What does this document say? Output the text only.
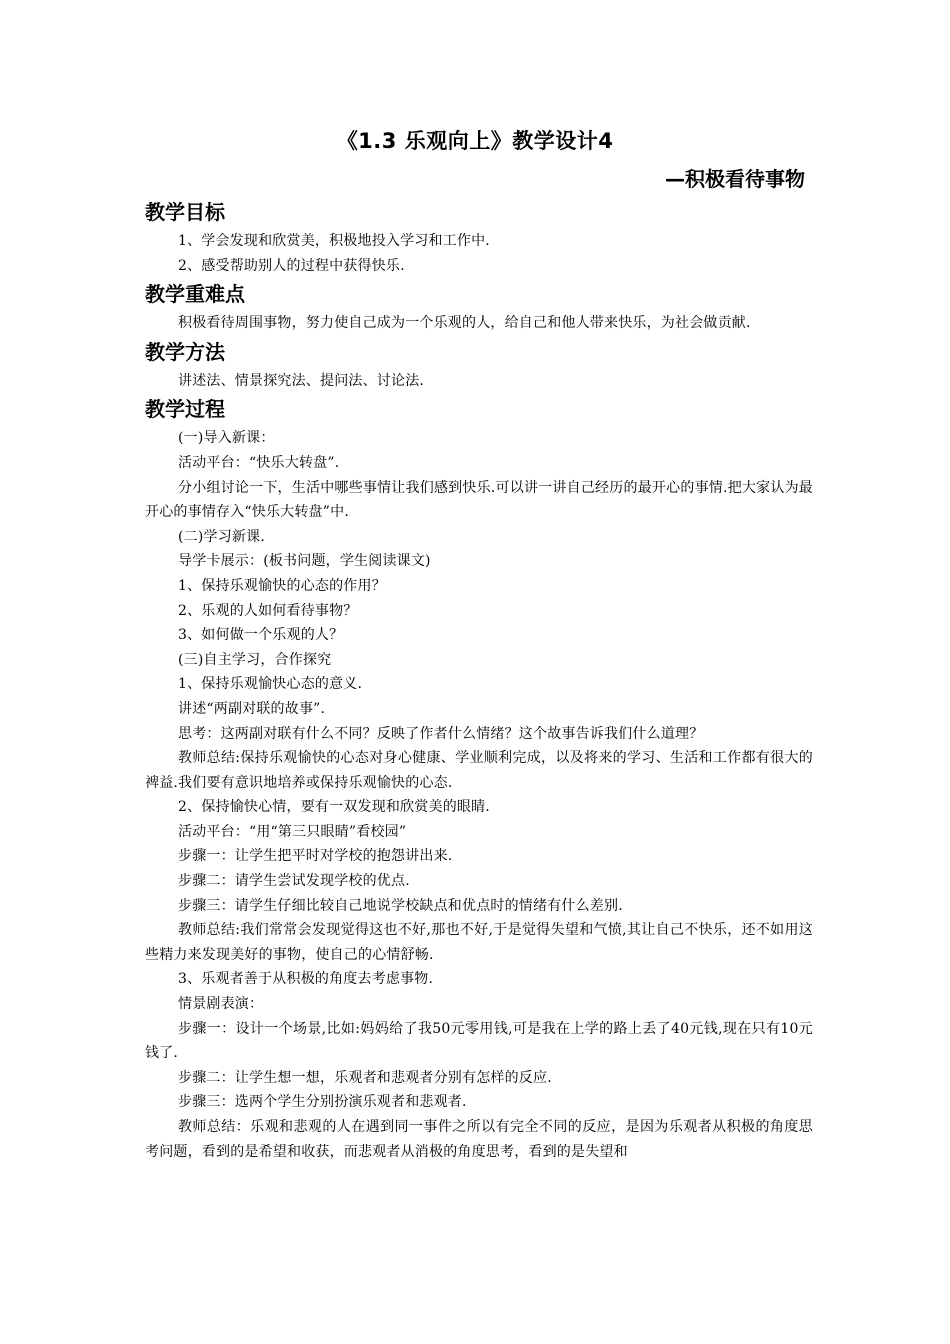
《1.3 乐观向上》教学设计4
—积极看待事物
教学目标

1、学会发现和欣赏美，积极地投入学习和工作中.

2、感受帮助别人的过程中获得快乐.

教学重难点

积极看待周围事物，努力使自己成为一个乐观的人，给自己和他人带来快乐，为社会做贡献.

教学方法

讲述法、情景探究法、提问法、讨论法.

教学过程

(一)导入新课：

活动平台：“快乐大转盘”.

分小组讨论一下，生活中哪些事情让我们感到快乐.可以讲一讲自己经历的最开心的事情.把大家认为最开心的事情存入“快乐大转盘”中.

(二)学习新课.

导学卡展示：(板书问题，学生阅读课文)

1、保持乐观愉快的心态的作用？

2、乐观的人如何看待事物？

3、如何做一个乐观的人？

(三)自主学习，合作探究

1、保持乐观愉快心态的意义.

讲述“两副对联的故事”.

思考：这两副对联有什么不同？反映了作者什么情绪？这个故事告诉我们什么道理？

教师总结:保持乐观愉快的心态对身心健康、学业顺利完成，以及将来的学习、生活和工作都有很大的裨益.我们要有意识地培养或保持乐观愉快的心态.

2、保持愉快心情，要有一双发现和欣赏美的眼睛.

活动平台：“用“第三只眼睛”看校园”

步骤一：让学生把平时对学校的抱怨讲出来.

步骤二：请学生尝试发现学校的优点.

步骤三：请学生仔细比较自己地说学校缺点和优点时的情绪有什么差别.

教师总结:我们常常会发现觉得这也不好,那也不好,于是觉得失望和气愤,其让自己不快乐，还不如用这些精力来发现美好的事物，使自己的心情舒畅.

3、乐观者善于从积极的角度去考虑事物.

情景剧表演：

步骤一：设计一个场景,比如:妈妈给了我50元零用钱,可是我在上学的路上丢了40元钱,现在只有10元钱了.

步骤二：让学生想一想，乐观者和悲观者分别有怎样的反应.

步骤三：选两个学生分别扮演乐观者和悲观者.

教师总结：乐观和悲观的人在遇到同一事件之所以有完全不同的反应，是因为乐观者从积极的角度思考问题，看到的是希望和收获，而悲观者从消极的角度思考，看到的是失望和
